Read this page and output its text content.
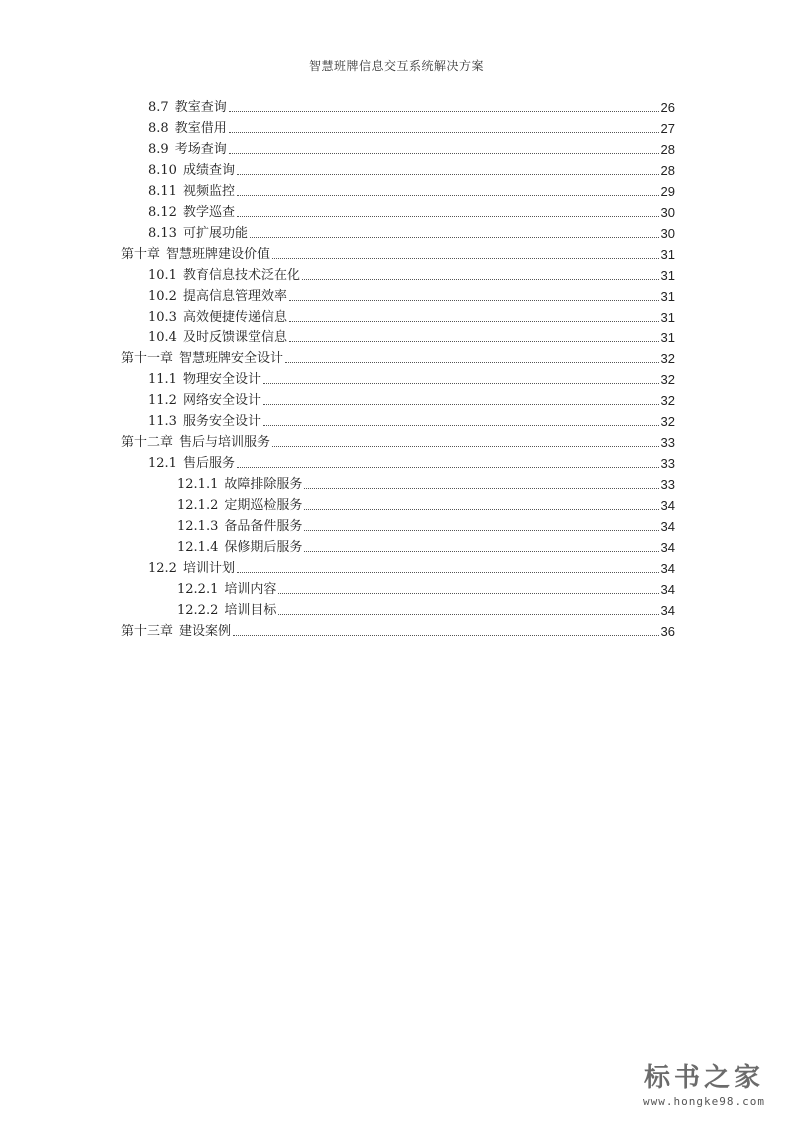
智慧班牌信息交互系统解决方案
8.7 教室查询	26
8.8 教室借用	27
8.9 考场查询	28
8.10 成绩查询	28
8.11 视频监控	29
8.12 教学巡查	30
8.13 可扩展功能	30
第十章 智慧班牌建设价值	31
10.1 教育信息技术泛在化	31
10.2 提高信息管理效率	31
10.3 高效便捷传递信息	31
10.4 及时反馈课堂信息	31
第十一章 智慧班牌安全设计	32
11.1 物理安全设计	32
11.2 网络安全设计	32
11.3 服务安全设计	32
第十二章 售后与培训服务	33
12.1 售后服务	33
12.1.1 故障排除服务	33
12.1.2 定期巡检服务	34
12.1.3 备品备件服务	34
12.1.4 保修期后服务	34
12.2 培训计划	34
12.2.1 培训内容	34
12.2.2 培训目标	34
第十三章 建设案例	36
标书之家
www.hongke98.com
